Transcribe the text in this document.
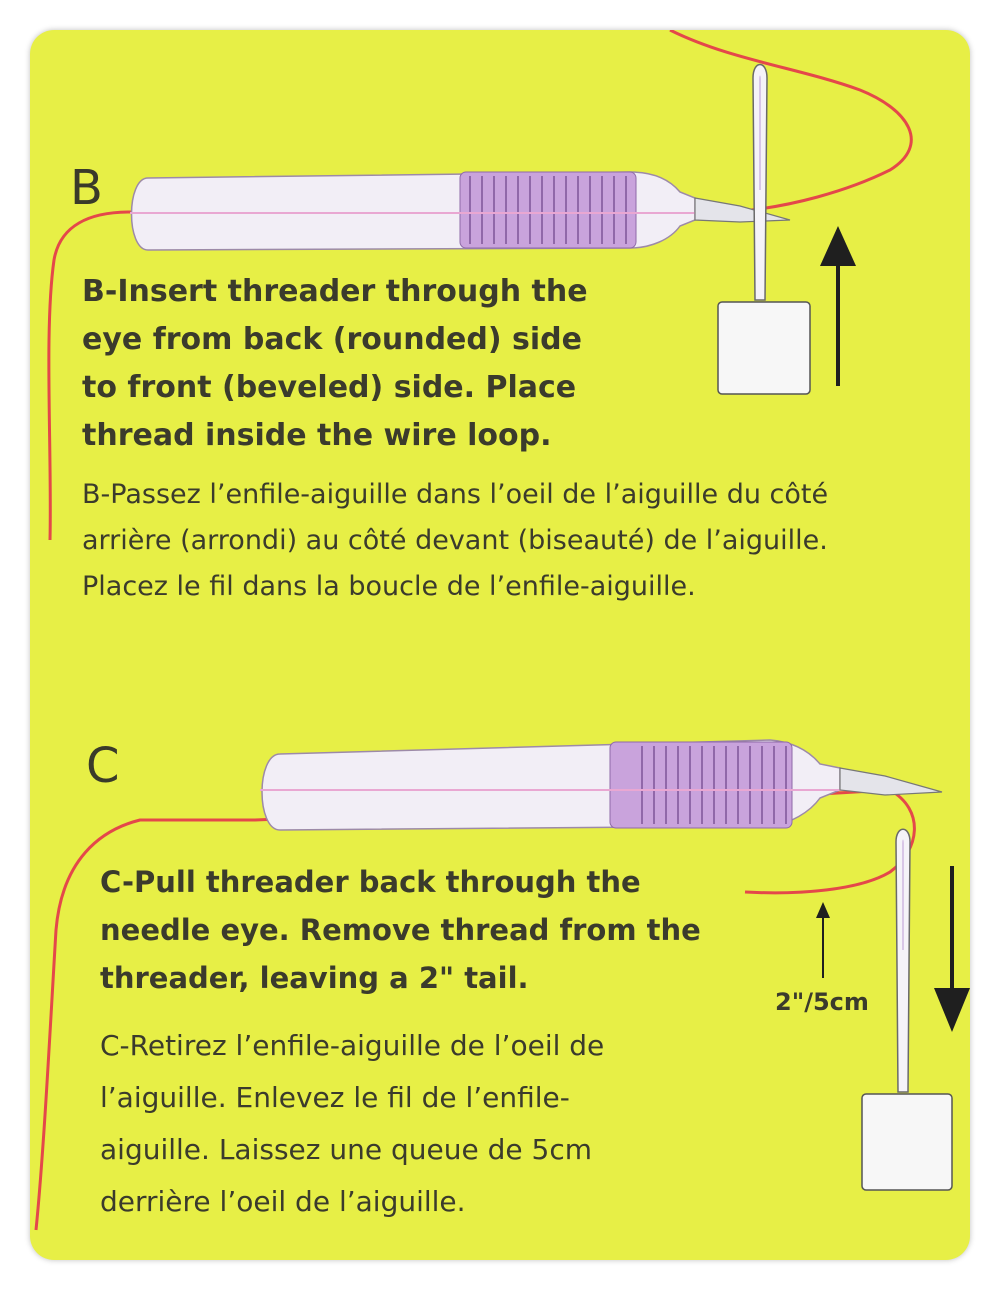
B
B-Insert threader through the
eye from back (rounded) side
to front (beveled) side. Place
thread inside the wire loop.
B-Passez l’enfile-aiguille dans l’oeil de l’aiguille du côté
arrière (arrondi) au côté devant (biseauté) de l’aiguille.
Placez le fil dans la boucle de l’enfile-aiguille.
C
C-Pull threader back through the
needle eye. Remove thread from the
threader, leaving a 2" tail.
C-Retirez l’enfile-aiguille de l’oeil de
l’aiguille. Enlevez le fil de l’enfile-
aiguille. Laissez une queue de 5cm
derrière l’oeil de l’aiguille.
2"/5cm
